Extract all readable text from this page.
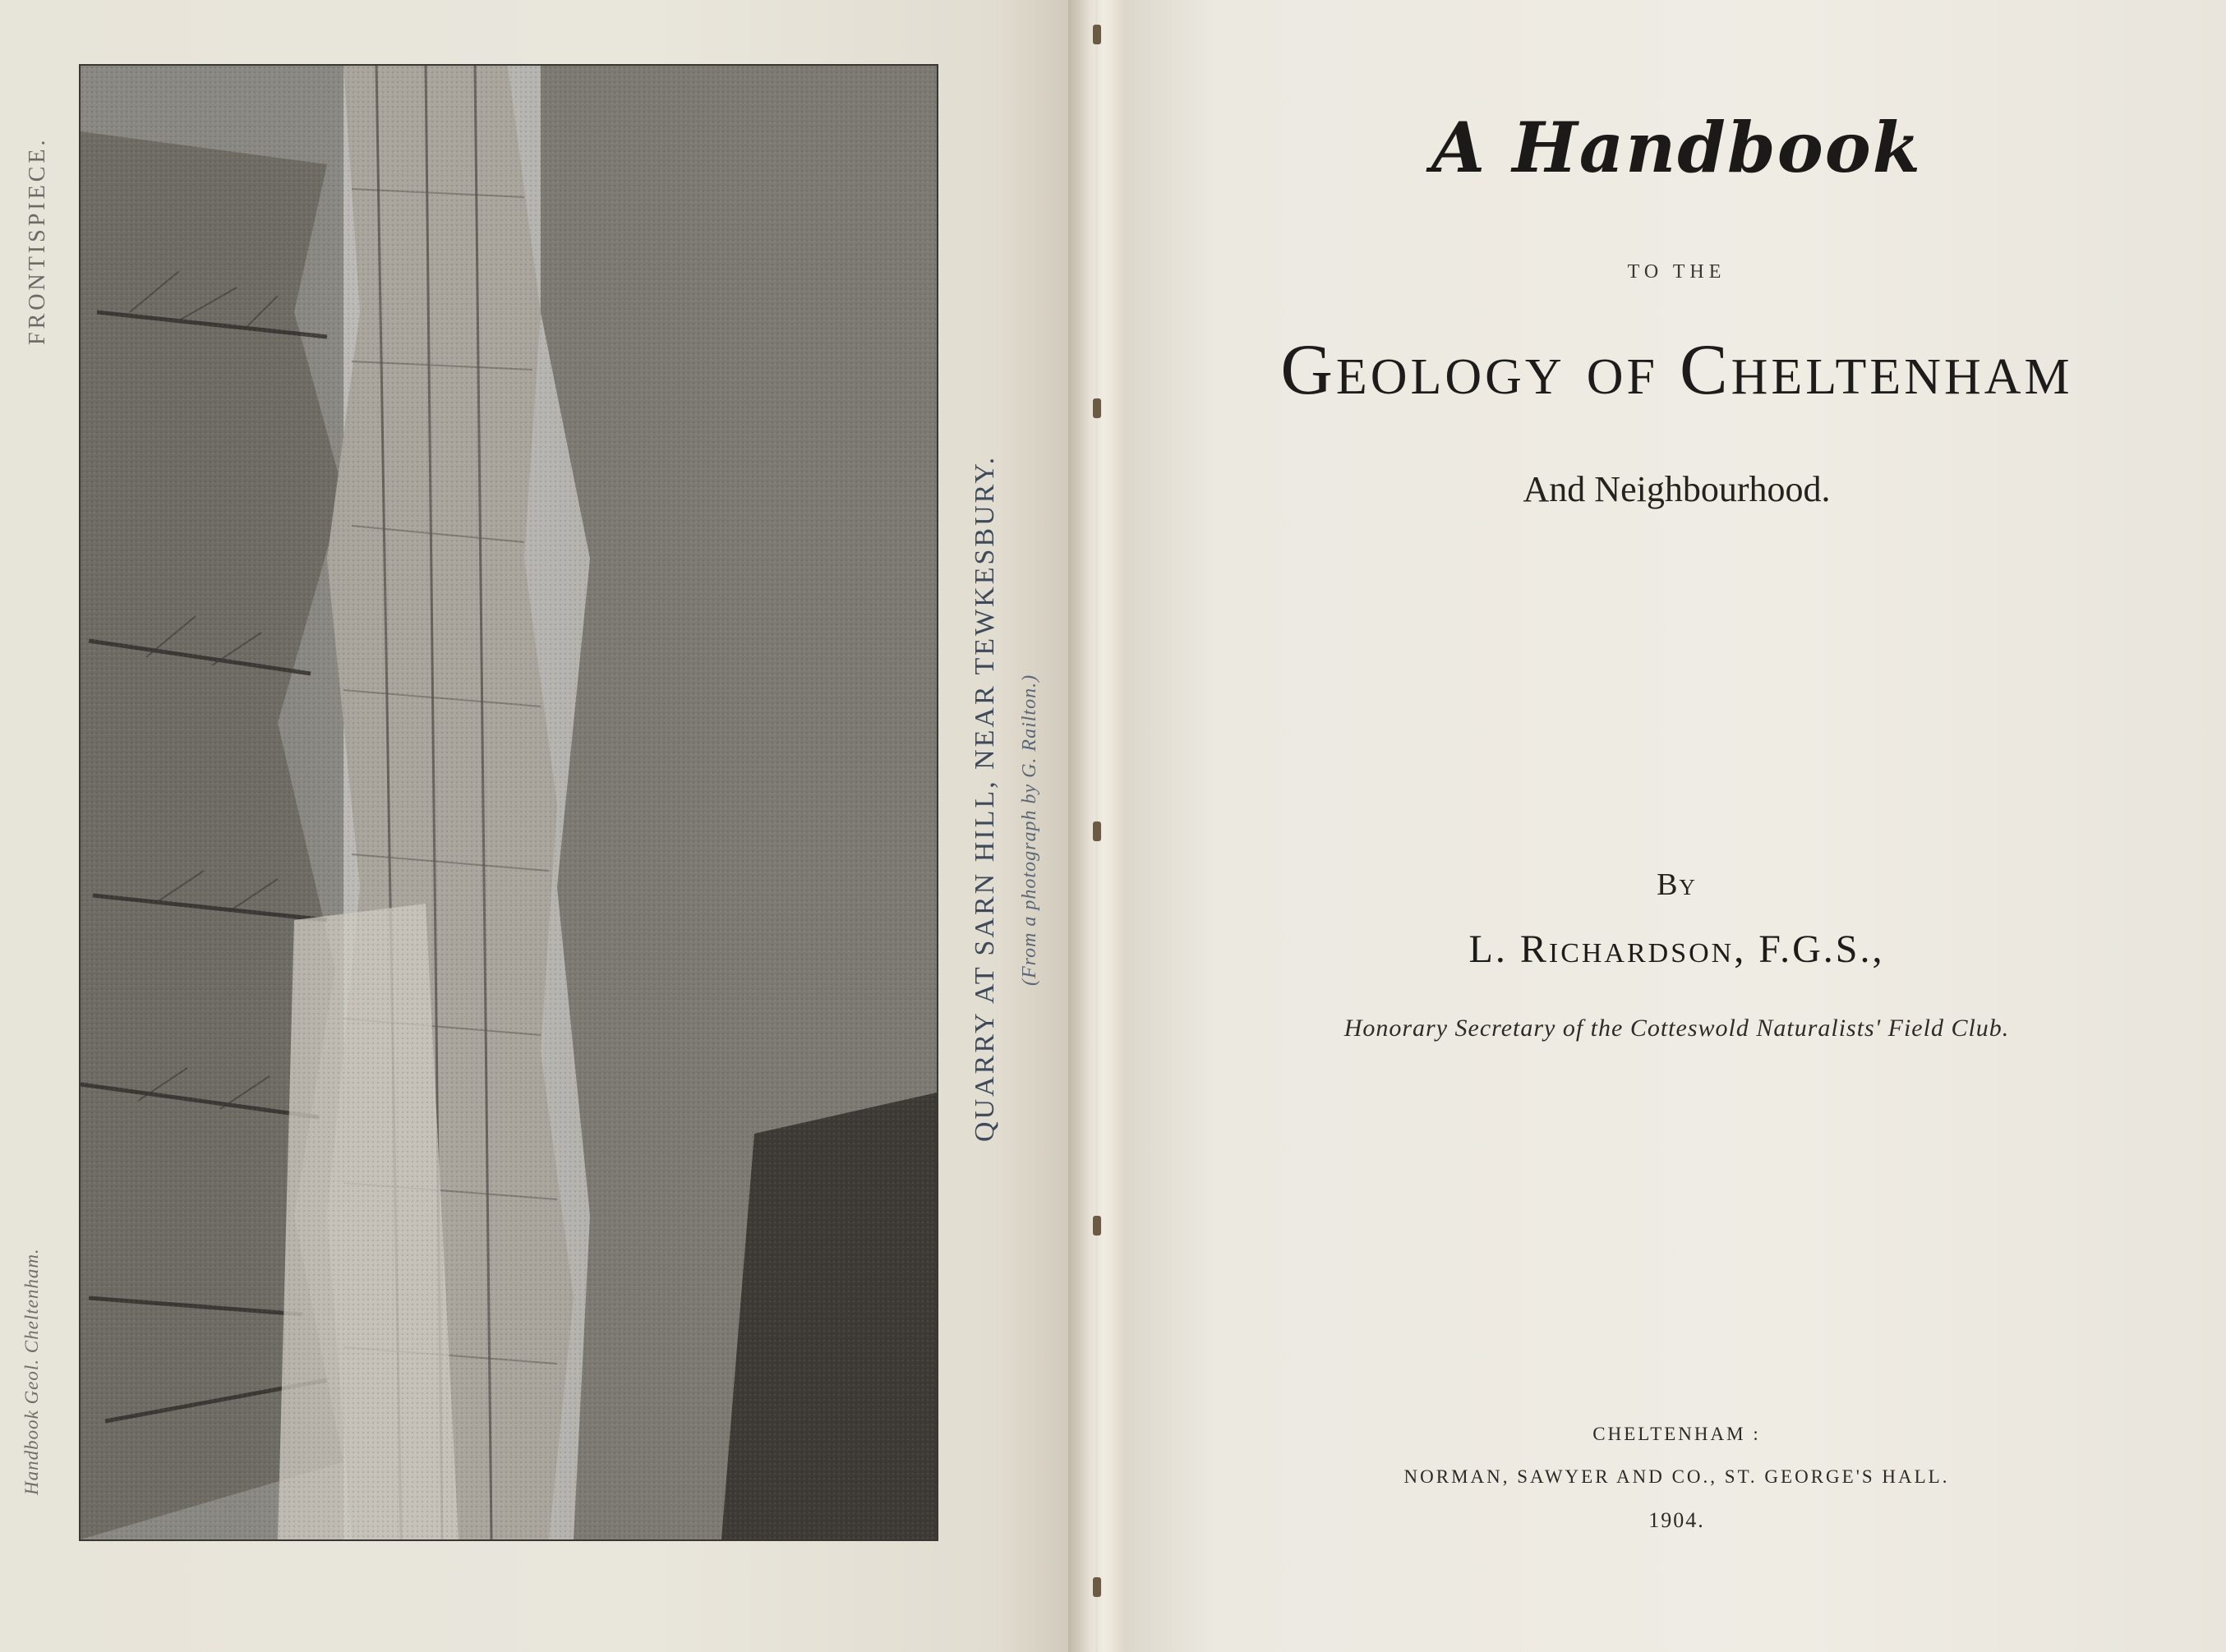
FRONTISPIECE.
Handbook Geol. Cheltenham.
QUARRY AT SARN HILL, NEAR TEWKESBURY. (From a photograph by G. Railton.)
A Handbook
TO THE
Geology of Cheltenham
And Neighbourhood.
By
L. Richardson, F.G.S.,
Honorary Secretary of the Cotteswold Naturalists' Field Club.
CHELTENHAM :
NORMAN, SAWYER AND CO., ST. GEORGE'S HALL.
1904.
